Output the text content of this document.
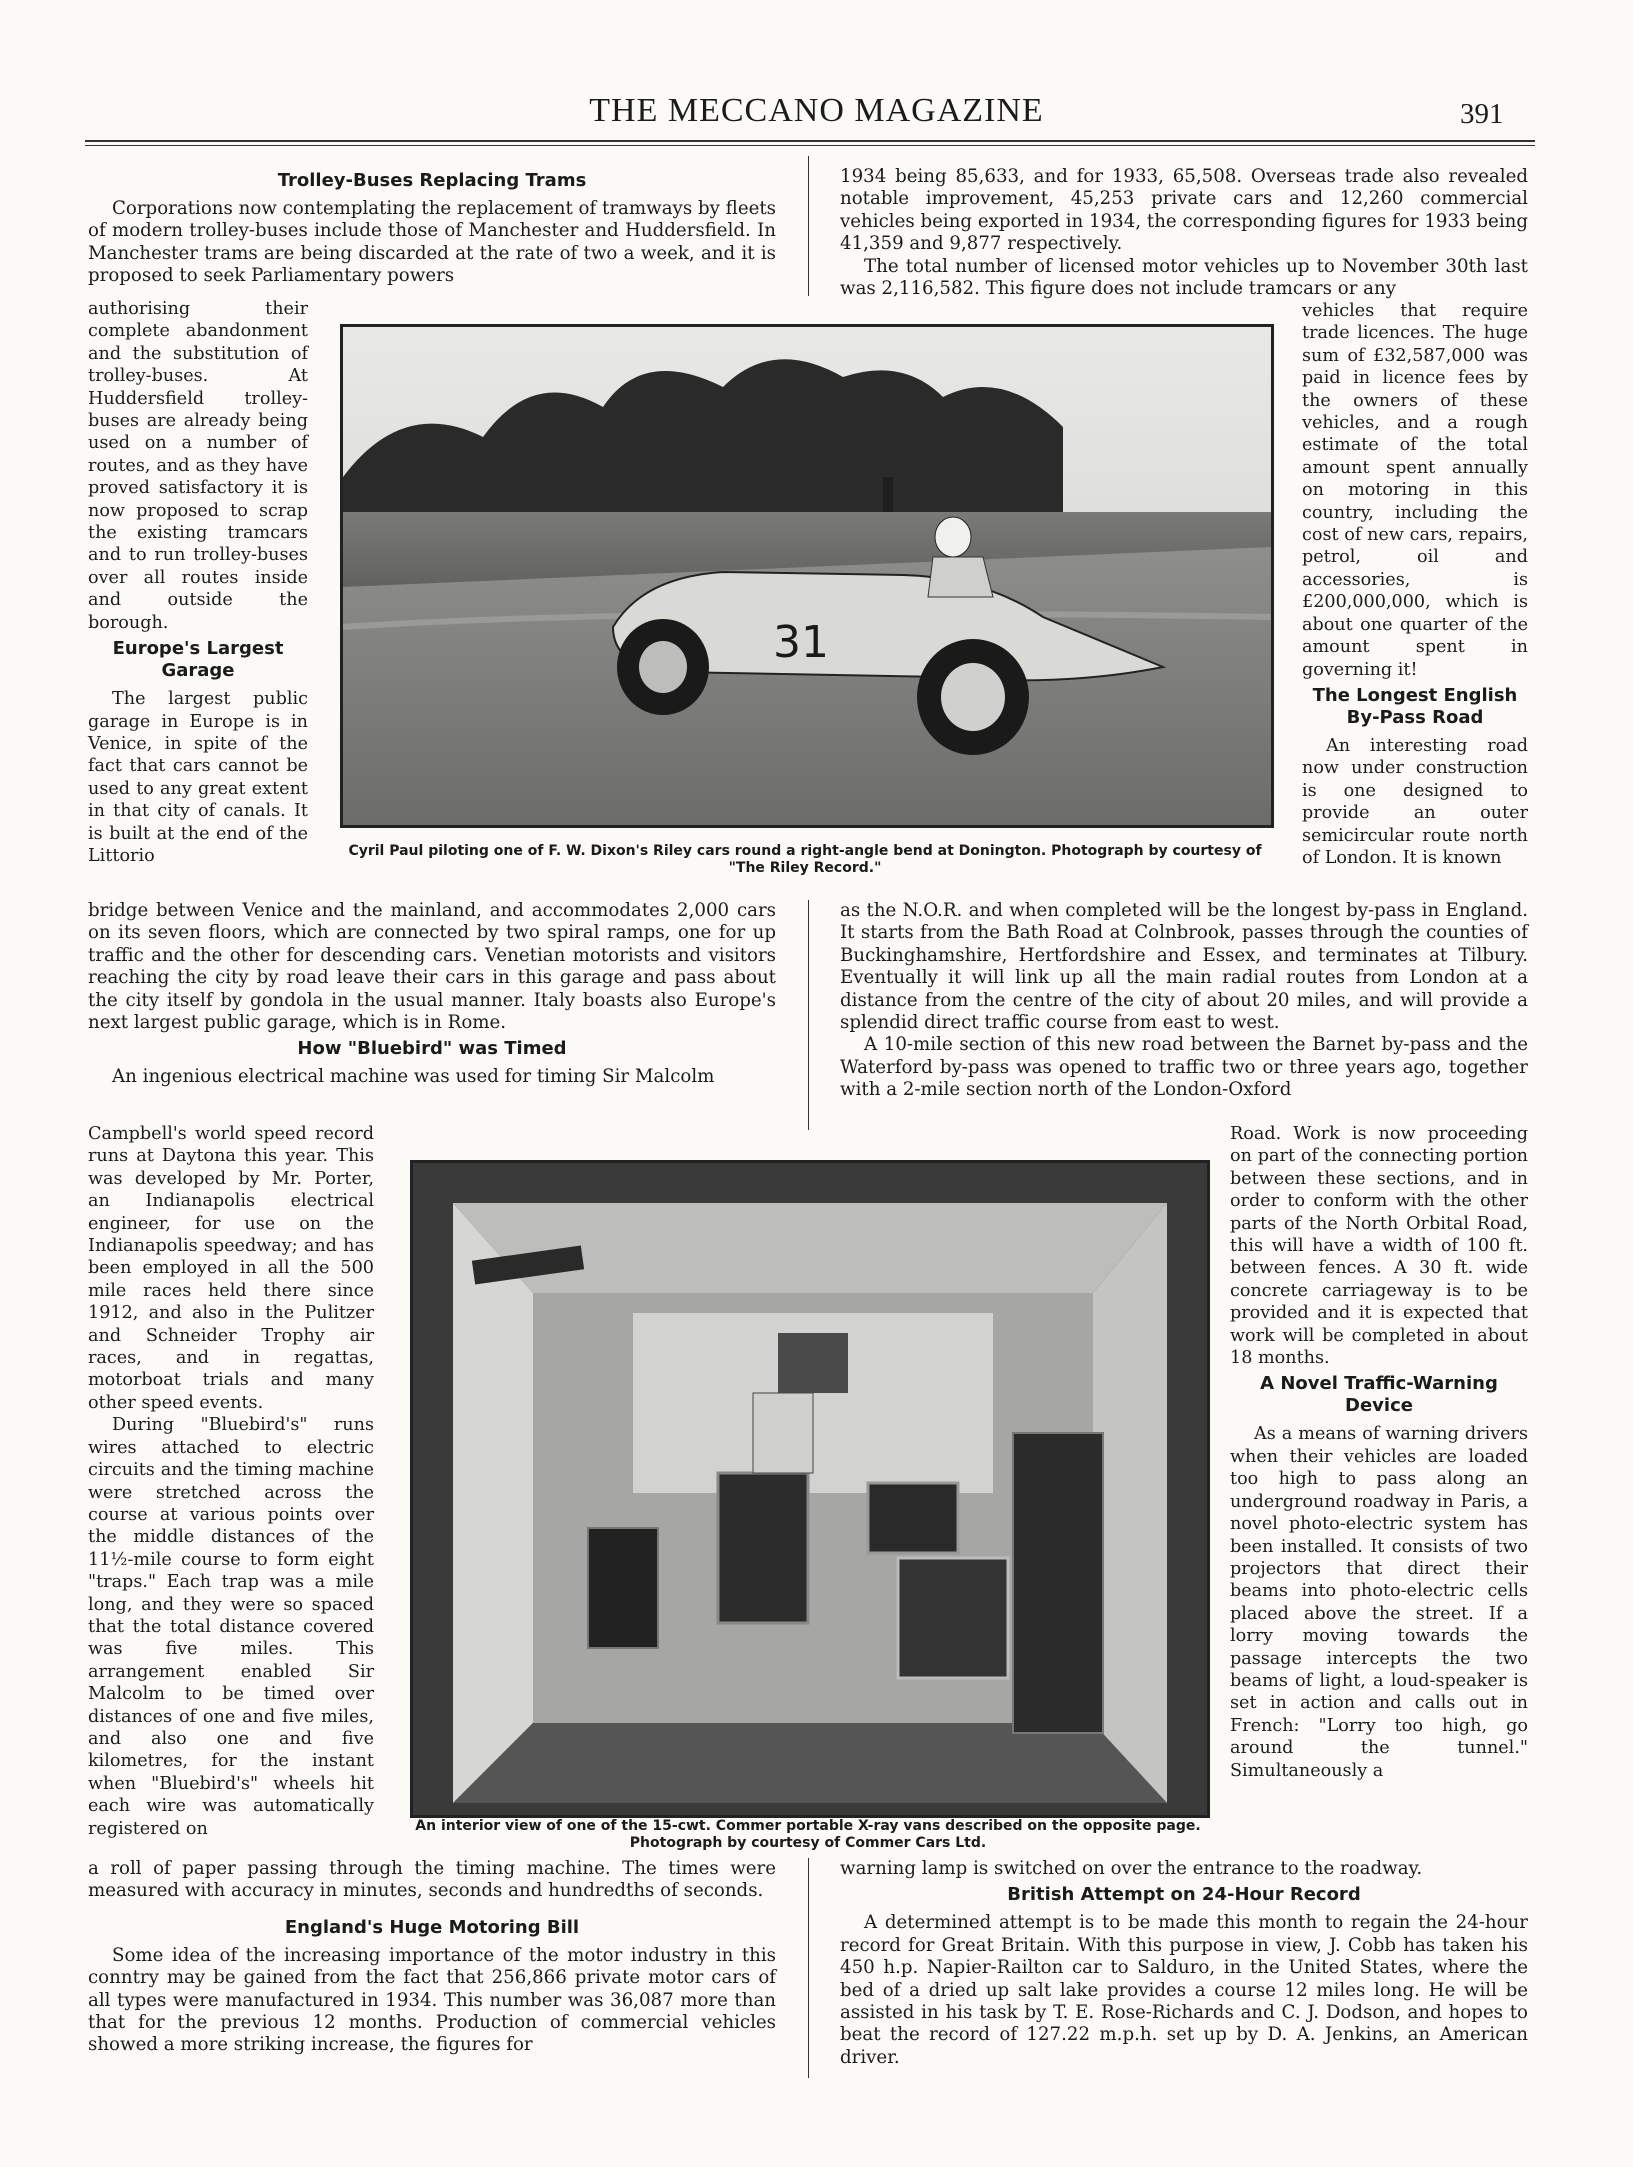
THE MECCANO MAGAZINE	391
Trolley-Buses Replacing Trams

Corporations now contemplating the replacement of tramways by fleets of modern trolley-buses include those of Manchester and Huddersfield. In Manchester trams are being discarded at the rate of two a week, and it is proposed to seek Parliamentary powers

authorising their complete abandonment and the substitution of trolley-buses. At Huddersfield trolley-buses are already being used on a number of routes, and as they have proved satisfactory it is now proposed to scrap the existing tramcars and to run trolley-buses over all routes inside and outside the borough.

Europe's Largest Garage

The largest public garage in Europe is in Venice, in spite of the fact that cars cannot be used to any great extent in that city of canals. It is built at the end of the Littorio

1934 being 85,633, and for 1933, 65,508. Overseas trade also revealed notable improvement, 45,253 private cars and 12,260 commercial vehicles being exported in 1934, the corresponding figures for 1933 being 41,359 and 9,877 respectively.

The total number of licensed motor vehicles up to November 30th last was 2,116,582. This figure does not include tramcars or any

vehicles that require trade licences. The huge sum of £32,587,000 was paid in licence fees by the owners of these vehicles, and a rough estimate of the total amount spent annually on motoring in this country, including the cost of new cars, repairs, petrol, oil and accessories, is £200,000,000, which is about one quarter of the amount spent in governing it!

The Longest English By-Pass Road

An interesting road now under construction is one designed to provide an outer semicircular route north of London. It is known

31
Cyril Paul piloting one of F. W. Dixon's Riley cars round a right-angle bend at Donington. Photograph by courtesy of "The Riley Record."

bridge between Venice and the mainland, and accommodates 2,000 cars on its seven floors, which are connected by two spiral ramps, one for up traffic and the other for descending cars. Venetian motorists and visitors reaching the city by road leave their cars in this garage and pass about the city itself by gondola in the usual manner. Italy boasts also Europe's next largest public garage, which is in Rome.

How "Bluebird" was Timed

An ingenious electrical machine was used for timing Sir Malcolm

as the N.O.R. and when completed will be the longest by-pass in England. It starts from the Bath Road at Colnbrook, passes through the counties of Buckinghamshire, Hertfordshire and Essex, and terminates at Tilbury. Eventually it will link up all the main radial routes from London at a distance from the centre of the city of about 20 miles, and will provide a splendid direct traffic course from east to west.

A 10-mile section of this new road between the Barnet by-pass and the Waterford by-pass was opened to traffic two or three years ago, together with a 2-mile section north of the London-Oxford

Campbell's world speed record runs at Daytona this year. This was developed by Mr. Porter, an Indianapolis electrical engineer, for use on the Indianapolis speedway; and has been employed in all the 500 mile races held there since 1912, and also in the Pulitzer and Schneider Trophy air races, and in regattas, motorboat trials and many other speed events.

During "Bluebird's" runs wires attached to electric circuits and the timing machine were stretched across the course at various points over the middle distances of the 11½-mile course to form eight "traps." Each trap was a mile long, and they were so spaced that the total distance covered was five miles. This arrangement enabled Sir Malcolm to be timed over distances of one and five miles, and also one and five kilometres, for the instant when "Bluebird's" wheels hit each wire was automatically registered on

Road. Work is now proceeding on part of the connecting portion between these sections, and in order to conform with the other parts of the North Orbital Road, this will have a width of 100 ft. between fences. A 30 ft. wide concrete carriageway is to be provided and it is expected that work will be completed in about 18 months.

A Novel Traffic-Warning Device

As a means of warning drivers when their vehicles are loaded too high to pass along an underground roadway in Paris, a novel photo-electric system has been installed. It consists of two projectors that direct their beams into photo-electric cells placed above the street. If a lorry moving towards the passage intercepts the two beams of light, a loud-speaker is set in action and calls out in French: "Lorry too high, go around the tunnel." Simultaneously a

An interior view of one of the 15-cwt. Commer portable X-ray vans described on the opposite page. Photograph by courtesy of Commer Cars Ltd.

a roll of paper passing through the timing machine. The times were measured with accuracy in minutes, seconds and hundredths of seconds.

England's Huge Motoring Bill

Some idea of the increasing importance of the motor industry in this conntry may be gained from the fact that 256,866 private motor cars of all types were manufactured in 1934. This number was 36,087 more than that for the previous 12 months. Production of commercial vehicles showed a more striking increase, the figures for

warning lamp is switched on over the entrance to the roadway.

British Attempt on 24-Hour Record

A determined attempt is to be made this month to regain the 24-hour record for Great Britain. With this purpose in view, J. Cobb has taken his 450 h.p. Napier-Railton car to Salduro, in the United States, where the bed of a dried up salt lake provides a course 12 miles long. He will be assisted in his task by T. E. Rose-Richards and C. J. Dodson, and hopes to beat the record of 127.22 m.p.h. set up by D. A. Jenkins, an American driver.
